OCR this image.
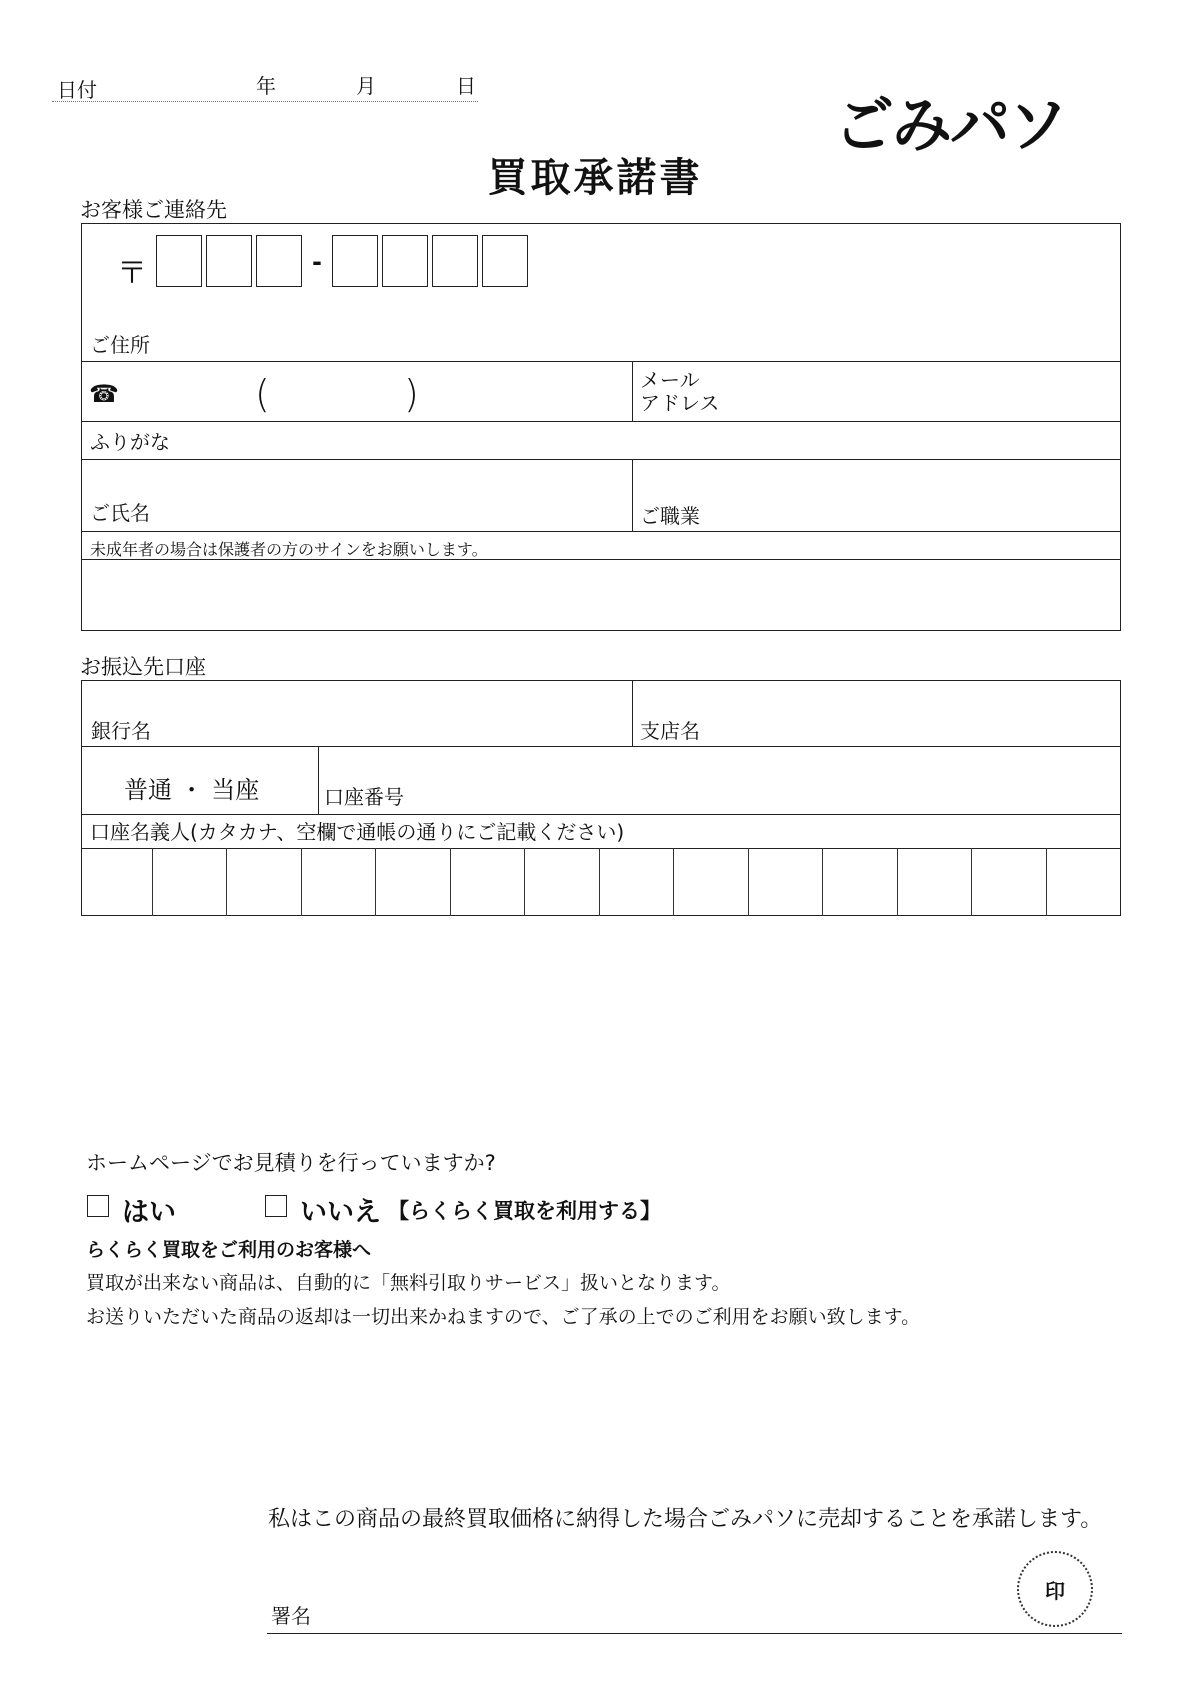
日付	年	月	日
ごみパソ
買取承諾書
お客様ご連絡先
〒	-
ご住所
☎	(	)	メール
アドレス
ふりがな
ご氏名	ご職業
未成年者の場合は保護者の方のサインをお願いします。
お振込先口座
銀行名	支店名
普通 ・ 当座	口座番号
口座名義人(カタカナ、空欄で通帳の通りにご記載ください)
ホームページでお見積りを行っていますか?
はい	いいえ 【らくらく買取を利用する】
らくらく買取をご利用のお客様へ
買取が出来ない商品は、自動的に「無料引取りサービス」扱いとなります。
お送りいただいた商品の返却は一切出来かねますので、ご了承の上でのご利用をお願い致します。
私はこの商品の最終買取価格に納得した場合ごみパソに売却することを承諾します。
印
署名
